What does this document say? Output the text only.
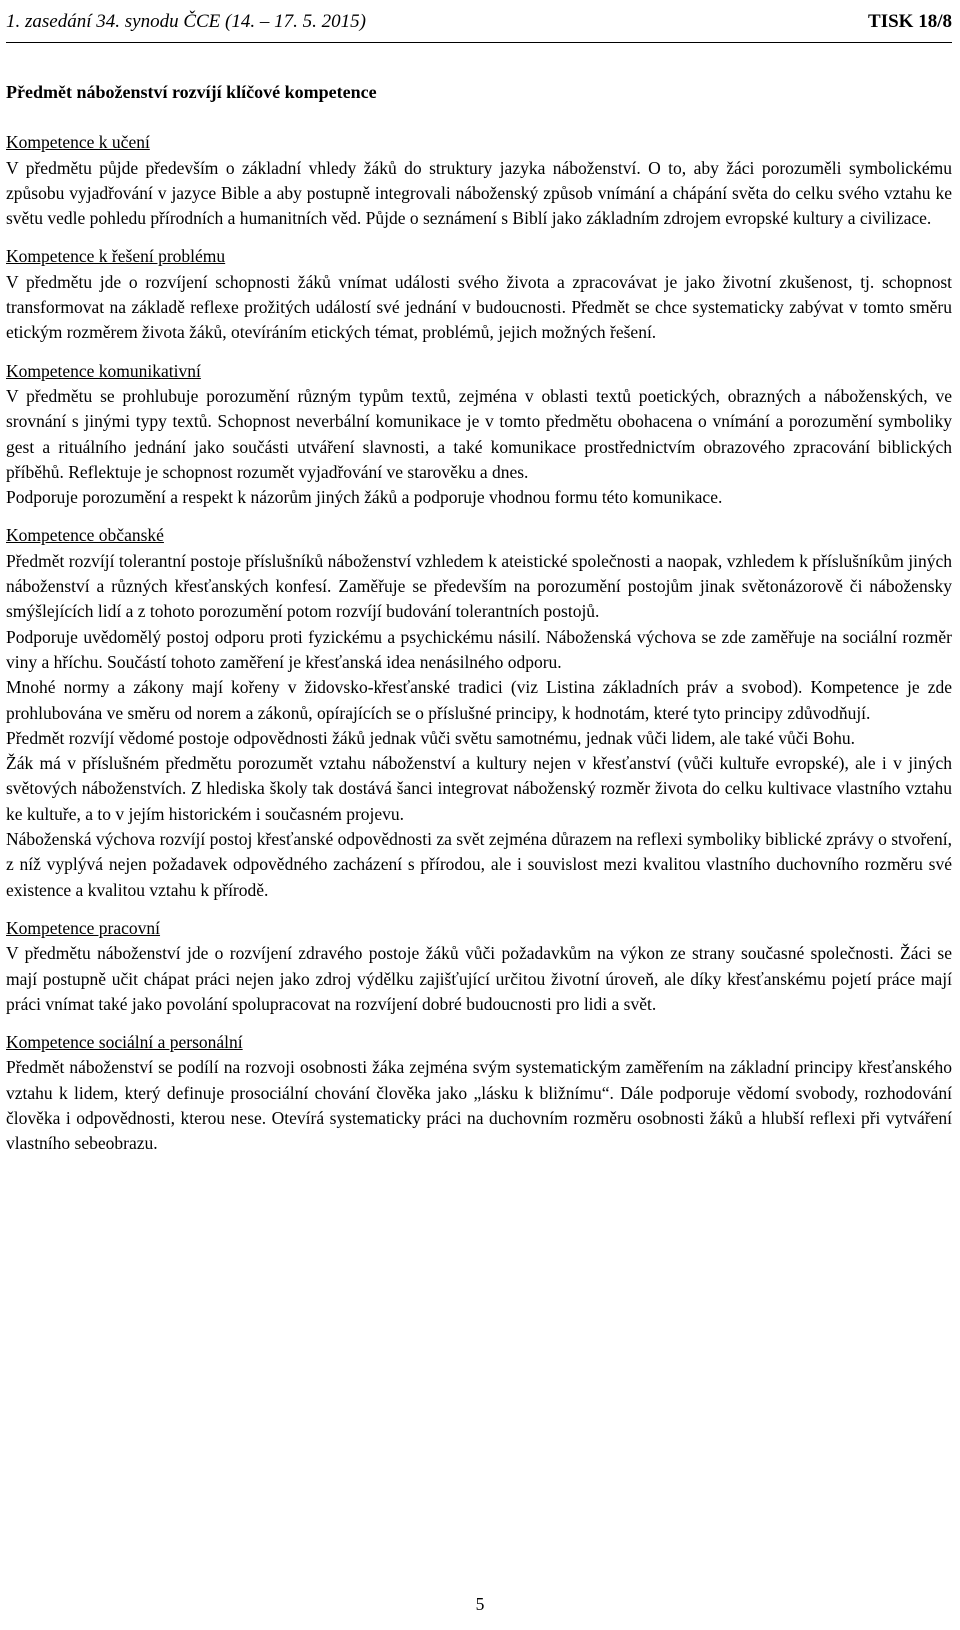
1. zasedání 34. synodu ČCE (14. – 17. 5. 2015)	TISK 18/8
Předmět náboženství rozvíjí klíčové kompetence
Kompetence k učení

V předmětu půjde především o základní vhledy žáků do struktury jazyka náboženství. O to, aby žáci porozuměli symbolickému způsobu vyjadřování v jazyce Bible a aby postupně integrovali náboženský způsob vnímání a chápání světa do celku svého vztahu ke světu vedle pohledu přírodních a humanitních věd. Půjde o seznámení s Biblí jako základním zdrojem evropské kultury a civilizace.

Kompetence k řešení problému

V předmětu jde o rozvíjení schopnosti žáků vnímat události svého života a zpracovávat je jako životní zkušenost, tj. schopnost transformovat na základě reflexe prožitých událostí své jednání v budoucnosti. Předmět se chce systematicky zabývat v tomto směru etickým rozměrem života žáků, otevíráním etických témat, problémů, jejich možných řešení.

Kompetence komunikativní

V předmětu se prohlubuje porozumění různým typům textů, zejména v oblasti textů poetických, obrazných a náboženských, ve srovnání s jinými typy textů. Schopnost neverbální komunikace je v tomto předmětu obohacena o vnímání a porozumění symboliky gest a rituálního jednání jako součásti utváření slavnosti, a také komunikace prostřednictvím obrazového zpracování biblických příběhů. Reflektuje je schopnost rozumět vyjadřování ve starověku a dnes.

Podporuje porozumění a respekt k názorům jiných žáků a podporuje vhodnou formu této komunikace.

Kompetence občanské

Předmět rozvíjí tolerantní postoje příslušníků náboženství vzhledem k ateistické společnosti a naopak, vzhledem k příslušníkům jiných náboženství a různých křesťanských konfesí. Zaměřuje se především na porozumění postojům jinak světonázorově či nábožensky smýšlejících lidí a z tohoto porozumění potom rozvíjí budování tolerantních postojů.

Podporuje uvědomělý postoj odporu proti fyzickému a psychickému násilí. Náboženská výchova se zde zaměřuje na sociální rozměr viny a hříchu. Součástí tohoto zaměření je křesťanská idea nenásilného odporu.

Mnohé normy a zákony mají kořeny v židovsko-křesťanské tradici (viz Listina základních práv a svobod). Kompetence je zde prohlubována ve směru od norem a zákonů, opírajících se o příslušné principy, k hodnotám, které tyto principy zdůvodňují.

Předmět rozvíjí vědomé postoje odpovědnosti žáků jednak vůči světu samotnému, jednak vůči lidem, ale také vůči Bohu.

Žák má v příslušném předmětu porozumět vztahu náboženství a kultury nejen v křesťanství (vůči kultuře evropské), ale i v jiných světových náboženstvích. Z hlediska školy tak dostává šanci integrovat náboženský rozměr života do celku kultivace vlastního vztahu ke kultuře, a to v jejím historickém i současném projevu.

Náboženská výchova rozvíjí postoj křesťanské odpovědnosti za svět zejména důrazem na reflexi symboliky biblické zprávy o stvoření, z níž vyplývá nejen požadavek odpovědného zacházení s přírodou, ale i souvislost mezi kvalitou vlastního duchovního rozměru své existence a kvalitou vztahu k přírodě.

Kompetence pracovní

V předmětu náboženství jde o rozvíjení zdravého postoje žáků vůči požadavkům na výkon ze strany současné společnosti. Žáci se mají postupně učit chápat práci nejen jako zdroj výdělku zajišťující určitou životní úroveň, ale díky křesťanskému pojetí práce mají práci vnímat také jako povolání spolupracovat na rozvíjení dobré budoucnosti pro lidi a svět.

Kompetence sociální a personální

Předmět náboženství se podílí na rozvoji osobnosti žáka zejména svým systematickým zaměřením na základní principy křesťanského vztahu k lidem, který definuje prosociální chování člověka jako „lásku k bližnímu“. Dále podporuje vědomí svobody, rozhodování člověka i odpovědnosti, kterou nese. Otevírá systematicky práci na duchovním rozměru osobnosti žáků a hlubší reflexi při vytváření vlastního sebeobrazu.

5
